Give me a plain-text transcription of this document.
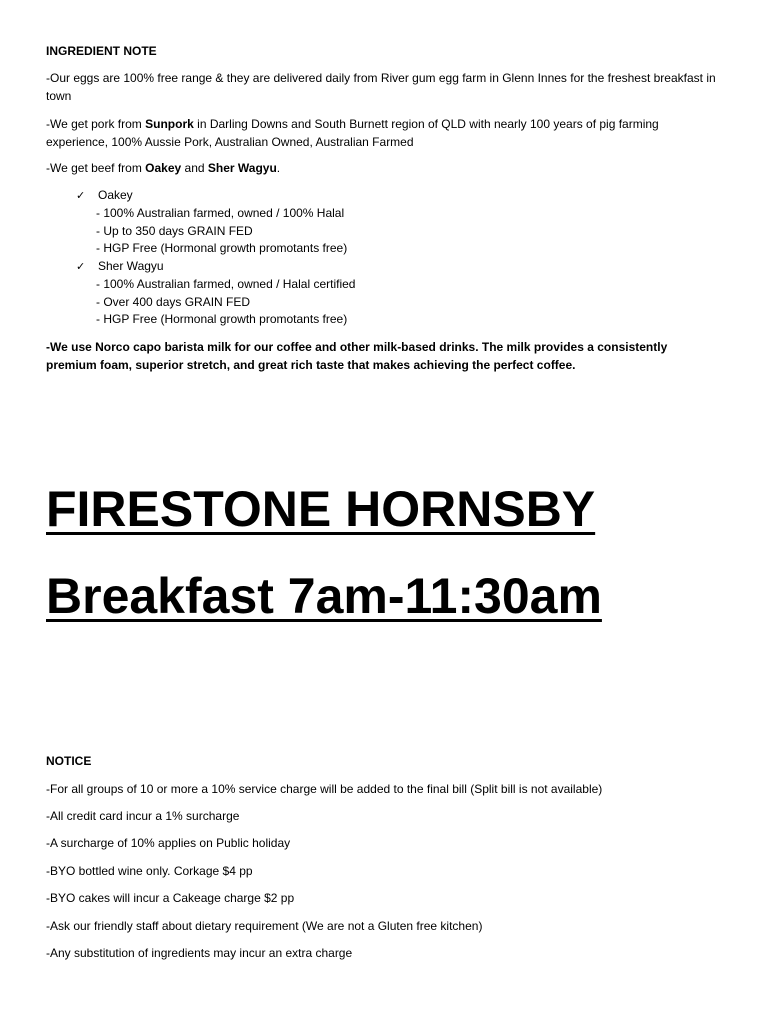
INGREDIENT NOTE
-Our eggs are 100% free range & they are delivered daily from River gum egg farm in Glenn Innes for the freshest breakfast in town
-We get pork from Sunpork in Darling Downs and South Burnett region of QLD with nearly 100 years of pig farming experience, 100% Aussie Pork, Australian Owned, Australian Farmed
-We get beef from Oakey and Sher Wagyu.
✓ Oakey
- 100% Australian farmed, owned / 100% Halal
- Up to 350 days GRAIN FED
- HGP Free (Hormonal growth promotants free)
✓ Sher Wagyu
- 100% Australian farmed, owned / Halal certified
- Over 400 days GRAIN FED
- HGP Free (Hormonal growth promotants free)
-We use Norco capo barista milk for our coffee and other milk-based drinks. The milk provides a consistently premium foam, superior stretch, and great rich taste that makes achieving the perfect coffee.
FIRESTONE HORNSBY
Breakfast 7am-11:30am
NOTICE
-For all groups of 10 or more a 10% service charge will be added to the final bill (Split bill is not available)
-All credit card incur a 1% surcharge
-A surcharge of 10% applies on Public holiday
-BYO bottled wine only. Corkage $4 pp
-BYO cakes will incur a Cakeage charge $2 pp
-Ask our friendly staff about dietary requirement (We are not a Gluten free kitchen)
-Any substitution of ingredients may incur an extra charge
